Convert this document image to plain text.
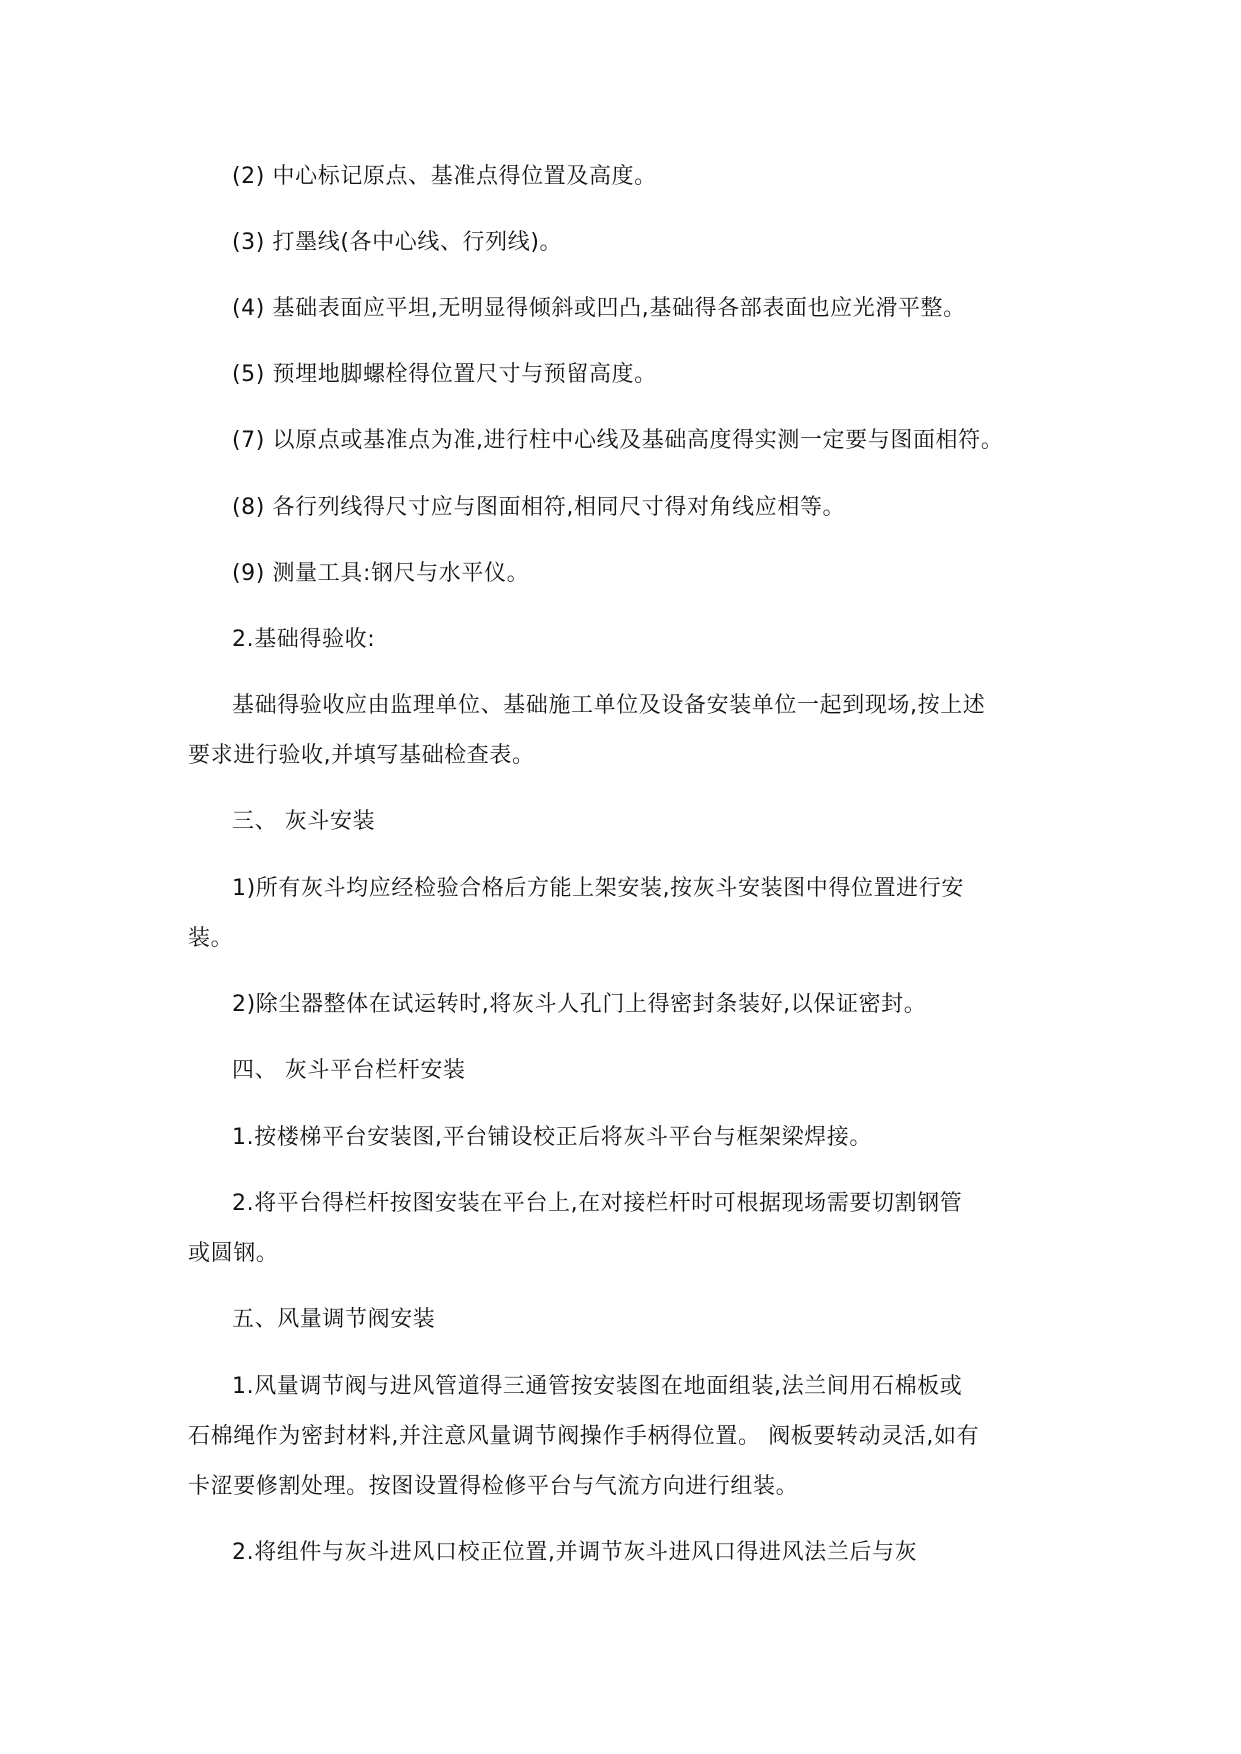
(2) 中心标记原点、基准点得位置及高度。
(3) 打墨线(各中心线、行列线)。
(4) 基础表面应平坦,无明显得倾斜或凹凸,基础得各部表面也应光滑平整。
(5) 预埋地脚螺栓得位置尺寸与预留高度。
(7) 以原点或基准点为准,进行柱中心线及基础高度得实测一定要与图面相符。
(8) 各行列线得尺寸应与图面相符,相同尺寸得对角线应相等。
(9) 测量工具:钢尺与水平仪。
2.基础得验收:
基础得验收应由监理单位、基础施工单位及设备安装单位一起到现场,按上述
要求进行验收,并填写基础检查表。
三、 灰斗安装
1)所有灰斗均应经检验合格后方能上架安装,按灰斗安装图中得位置进行安
装。
2)除尘器整体在试运转时,将灰斗人孔门上得密封条装好,以保证密封。
四、 灰斗平台栏杆安装
1.按楼梯平台安装图,平台铺设校正后将灰斗平台与框架梁焊接。
2.将平台得栏杆按图安装在平台上,在对接栏杆时可根据现场需要切割钢管
或圆钢。
五、风量调节阀安装
1.风量调节阀与进风管道得三通管按安装图在地面组装,法兰间用石棉板或
石棉绳作为密封材料,并注意风量调节阀操作手柄得位置。 阀板要转动灵活,如有
卡涩要修割处理。按图设置得检修平台与气流方向进行组装。
2.将组件与灰斗进风口校正位置,并调节灰斗进风口得进风法兰后与灰
